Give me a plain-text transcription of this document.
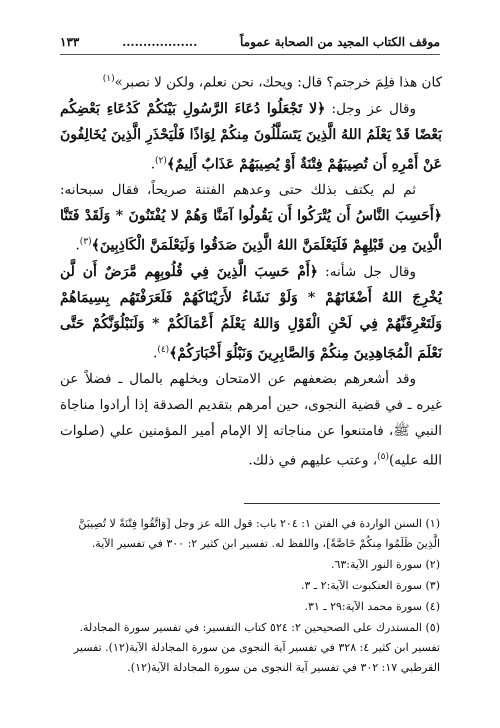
موقف الكتاب المجيد من الصحابة عموماً
..................
١٣٣

كان هذا فلِمَ خرجتم؟ قال: ويحك، نحن نعلم، ولكن لا نصبر»$^{(١)}$

وقال عز وجل: ﴿لا تَجْعَلُوا دُعَاءَ الرَّسُولِ بَيْنَكُمْ كَدُعَاءِ بَعْضِكُم بَعْضًا قَدْ يَعْلَمُ اللهُ الَّذِينَ يَتَسَلَّلُونَ مِنكُمْ لِوَاذًا فَلْيَحْذَرِ الَّذِينَ يُخَالِفُونَ عَنْ أَمْرِهِ أَن تُصِيبَهُمْ فِتْنَةٌ أَوْ يُصِيبَهُمْ عَذَابٌ أَلِيمٌ﴾$^{(٢)}$.

ثم لم يكتف بذلك حتى وعدهم الفتنة صريحاً، فقال سبحانه: ﴿أَحَسِبَ النَّاسُ أَن يُتْرَكُوا أَن يَقُولُوا آمَنَّا وَهُمْ لا يُفْتَنُونَ * وَلَقَدْ فَتَنَّا الَّذِينَ مِن قَبْلِهِمْ فَلَيَعْلَمَنَّ اللهُ الَّذِينَ صَدَقُوا وَلَيَعْلَمَنَّ الْكَاذِبِينَ﴾$^{(٣)}$.

وقال جل شأنه: ﴿أَمْ حَسِبَ الَّذِينَ فِي قُلُوبِهِم مَّرَضٌ أَن لَّن يُخْرِجَ اللهُ أَضْغَانَهُمْ * وَلَوْ نَشَاءُ لأَرَيْنَاكَهُمْ فَلَعَرَفْتَهُم بِسِيمَاهُمْ وَلَتَعْرِفَنَّهُمْ فِي لَحْنِ الْقَوْلِ وَاللهُ يَعْلَمُ أَعْمَالَكُمْ * وَلَنَبْلُوَنَّكُمْ حَتَّى نَعْلَمَ الْمُجَاهِدِينَ مِنكُمْ وَالصَّابِرِينَ وَنَبْلُوَ أَخْبَارَكُمْ﴾$^{(٤)}$.

وقد أشعرهم بضعفهم عن الامتحان وبخلهم بالمال ـ فضلاً عن غيره ـ في قضية النجوى، حين أمرهم بتقديم الصدقة إذا أرادوا مناجاة النبي ﷺ، فامتنعوا عن مناجاته إلا الإمام أمير المؤمنين علي (صلوات الله عليه)$^{(٥)}$، وعتب عليهم في ذلك.

(١) السنن الواردة في الفتن ١: ٢٠٤ باب: قول الله عز وجل [وَاتَّقُوا فِتْنَةً لا تُصِيبَنَّ الَّذِينَ ظَلَمُوا مِنكُمْ خَاصَّةً]، واللفظ له. تفسير ابن كثير ٢: ٣٠٠ في تفسير الآية.

(٢) سورة النور الآية:٦٣.

(٣) سورة العنكبوت الآية:٢ ـ ٣.

(٤) سورة محمد الآية:٢٩ ـ ٣١.

(٥) المستدرك على الصحيحين ٢: ٥٢٤ كتاب التفسير: في تفسير سورة المجادلة. تفسير ابن كثير ٤: ٣٢٨ في تفسير آية النجوى من سورة المجادلة الآية(١٢). تفسير القرطبي ١٧: ٣٠٢ في تفسير آية النجوى من سورة المجادلة الآية(١٢).
